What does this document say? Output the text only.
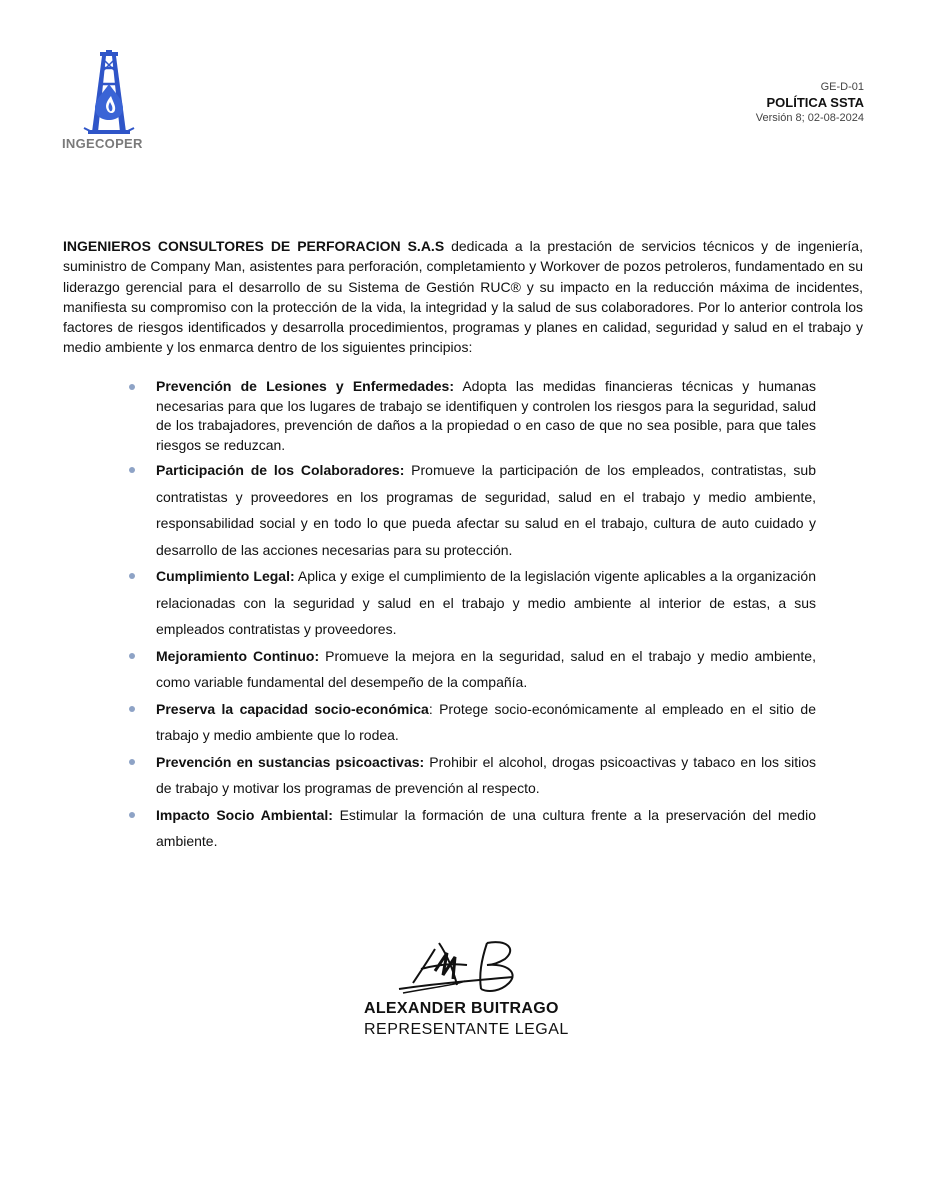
INGECOPER
GE-D-01
POLÍTICA SSTA
Versión 8; 02-08-2024

INGENIEROS CONSULTORES DE PERFORACION S.A.S dedicada a la prestación de servicios técnicos y de ingeniería, suministro de Company Man, asistentes para perforación, completamiento y Workover de pozos petroleros, fundamentado en su liderazgo gerencial para el desarrollo de su Sistema de Gestión RUC® y su impacto en la reducción máxima de incidentes, manifiesta su compromiso con la protección de la vida, la integridad y la salud de sus colaboradores. Por lo anterior controla los factores de riesgos identificados y desarrolla procedimientos, programas y planes en calidad, seguridad y salud en el trabajo y medio ambiente y los enmarca dentro de los siguientes principios:

Prevención de Lesiones y Enfermedades: Adopta las medidas financieras técnicas y humanas necesarias para que los lugares de trabajo se identifiquen y controlen los riesgos para la seguridad, salud de los trabajadores, prevención de daños a la propiedad o en caso de que no sea posible, para que tales riesgos se reduzcan.
Participación de los Colaboradores: Promueve la participación de los empleados, contratistas, sub contratistas y proveedores en los programas de seguridad, salud en el trabajo y medio ambiente, responsabilidad social y en todo lo que pueda afectar su salud en el trabajo, cultura de auto cuidado y desarrollo de las acciones necesarias para su protección.
Cumplimiento Legal: Aplica y exige el cumplimiento de la legislación vigente aplicables a la organización relacionadas con la seguridad y salud en el trabajo y medio ambiente al interior de estas, a sus empleados contratistas y proveedores.
Mejoramiento Continuo: Promueve la mejora en la seguridad, salud en el trabajo y medio ambiente, como variable fundamental del desempeño de la compañía.
Preserva la capacidad socio-económica: Protege socio-económicamente al empleado en el sitio de trabajo y medio ambiente que lo rodea.
Prevención en sustancias psicoactivas: Prohibir el alcohol, drogas psicoactivas y tabaco en los sitios de trabajo y motivar los programas de prevención al respecto.
Impacto Socio Ambiental: Estimular la formación de una cultura frente a la preservación del medio ambiente.
ALEXANDER BUITRAGO
REPRESENTANTE LEGAL
